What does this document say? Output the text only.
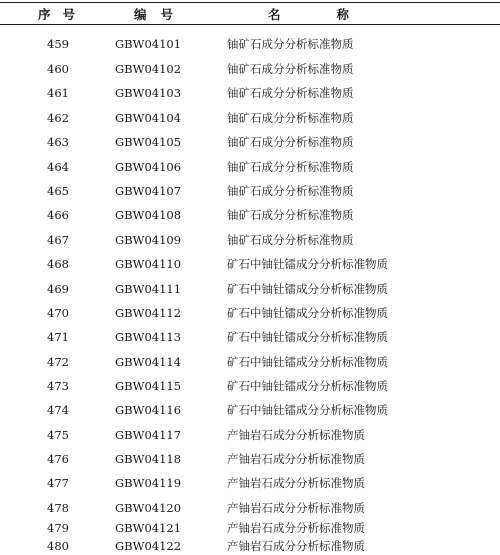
序号	编号	名称
459	GBW04101	铀矿石成分分析标准物质
460	GBW04102	铀矿石成分分析标准物质
461	GBW04103	铀矿石成分分析标准物质
462	GBW04104	铀矿石成分分析标准物质
463	GBW04105	铀矿石成分分析标准物质
464	GBW04106	铀矿石成分分析标准物质
465	GBW04107	铀矿石成分分析标准物质
466	GBW04108	铀矿石成分分析标准物质
467	GBW04109	铀矿石成分分析标准物质
468	GBW04110	矿石中铀钍镭成分分析标准物质
469	GBW04111	矿石中铀钍镭成分分析标准物质
470	GBW04112	矿石中铀钍镭成分分析标准物质
471	GBW04113	矿石中铀钍镭成分分析标准物质
472	GBW04114	矿石中铀钍镭成分分析标准物质
473	GBW04115	矿石中铀钍镭成分分析标准物质
474	GBW04116	矿石中铀钍镭成分分析标准物质
475	GBW04117	产铀岩石成分分析标准物质
476	GBW04118	产铀岩石成分分析标准物质
477	GBW04119	产铀岩石成分分析标准物质
478	GBW04120	产铀岩石成分分析标准物质
479	GBW04121	产铀岩石成分分析标准物质
480	GBW04122	产铀岩石成分分析标准物质
